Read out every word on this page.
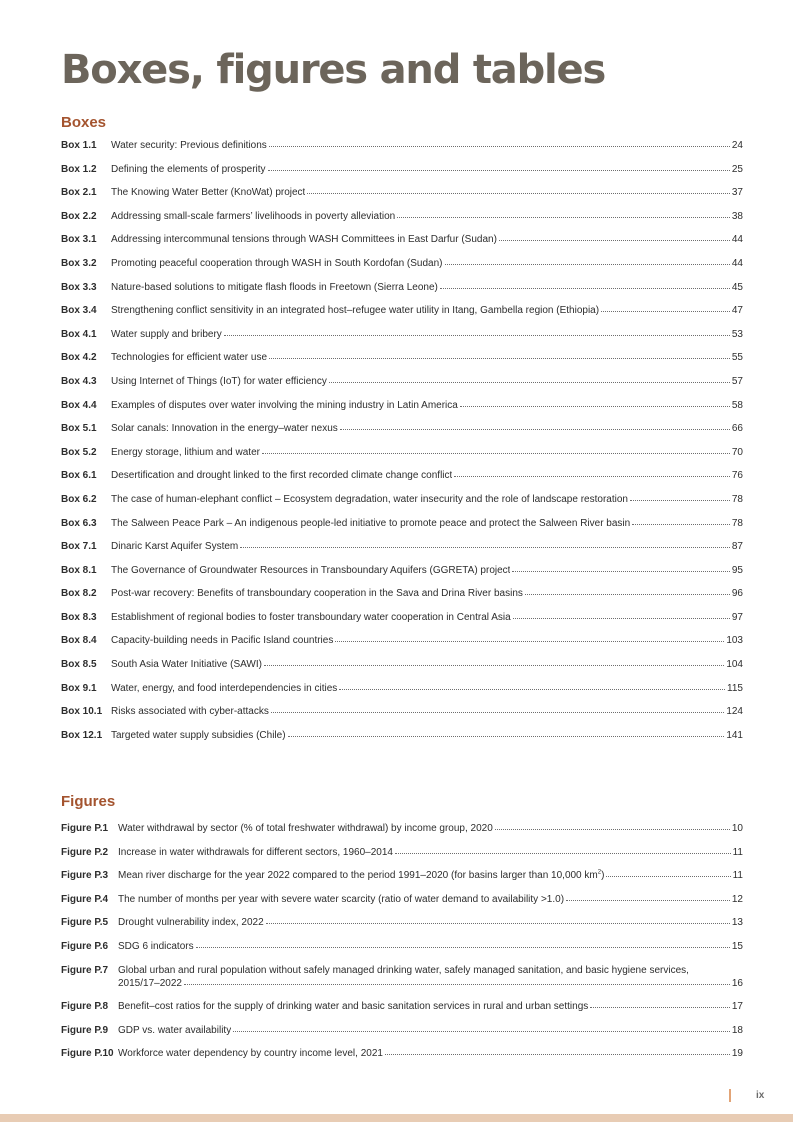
Boxes, figures and tables
Boxes
Box 1.1	Water security: Previous definitions	24
Box 1.2	Defining the elements of prosperity	25
Box 2.1	The Knowing Water Better (KnoWat) project	37
Box 2.2	Addressing small-scale farmers’ livelihoods in poverty alleviation	38
Box 3.1	Addressing intercommunal tensions through WASH Committees in East Darfur (Sudan)	44
Box 3.2	Promoting peaceful cooperation through WASH in South Kordofan (Sudan)	44
Box 3.3	Nature-based solutions to mitigate flash floods in Freetown (Sierra Leone)	45
Box 3.4	Strengthening conflict sensitivity in an integrated host–refugee water utility in Itang, Gambella region (Ethiopia)	47
Box 4.1	Water supply and bribery	53
Box 4.2	Technologies for efficient water use	55
Box 4.3	Using Internet of Things (IoT) for water efficiency	57
Box 4.4	Examples of disputes over water involving the mining industry in Latin America	58
Box 5.1	Solar canals: Innovation in the energy–water nexus	66
Box 5.2	Energy storage, lithium and water	70
Box 6.1	Desertification and drought linked to the first recorded climate change conflict	76
Box 6.2	The case of human-elephant conflict – Ecosystem degradation, water insecurity and the role of landscape restoration	78
Box 6.3	The Salween Peace Park – An indigenous people-led initiative to promote peace and protect the Salween River basin	78
Box 7.1	Dinaric Karst Aquifer System	87
Box 8.1	The Governance of Groundwater Resources in Transboundary Aquifers (GGRETA) project	95
Box 8.2	Post-war recovery: Benefits of transboundary cooperation in the Sava and Drina River basins	96
Box 8.3	Establishment of regional bodies to foster transboundary water cooperation in Central Asia	97
Box 8.4	Capacity-building needs in Pacific Island countries	103
Box 8.5	South Asia Water Initiative (SAWI)	104
Box 9.1	Water, energy, and food interdependencies in cities	115
Box 10.1 Risks associated with cyber-attacks	124
Box 12.1 Targeted water supply subsidies (Chile)	141
Figures
Figure P.1 Water withdrawal by sector (% of total freshwater withdrawal) by income group, 2020	10
Figure P.2 Increase in water withdrawals for different sectors, 1960–2014	11
Figure P.3 Mean river discharge for the year 2022 compared to the period 1991–2020 (for basins larger than 10,000 $km^2$)	11
Figure P.4 The number of months per year with severe water scarcity (ratio of water demand to availability >1.0)	12
Figure P.5 Drought vulnerability index, 2022	13
Figure P.6 SDG 6 indicators	15
Figure P.7 Global urban and rural population without safely managed drinking water, safely managed sanitation, and basic hygiene services,
2015/17–2022	16
Figure P.8 Benefit–cost ratios for the supply of drinking water and basic sanitation services in rural and urban settings	17
Figure P.9 GDP vs. water availability	18
Figure P.10 Workforce water dependency by country income level, 2021	19
ix
